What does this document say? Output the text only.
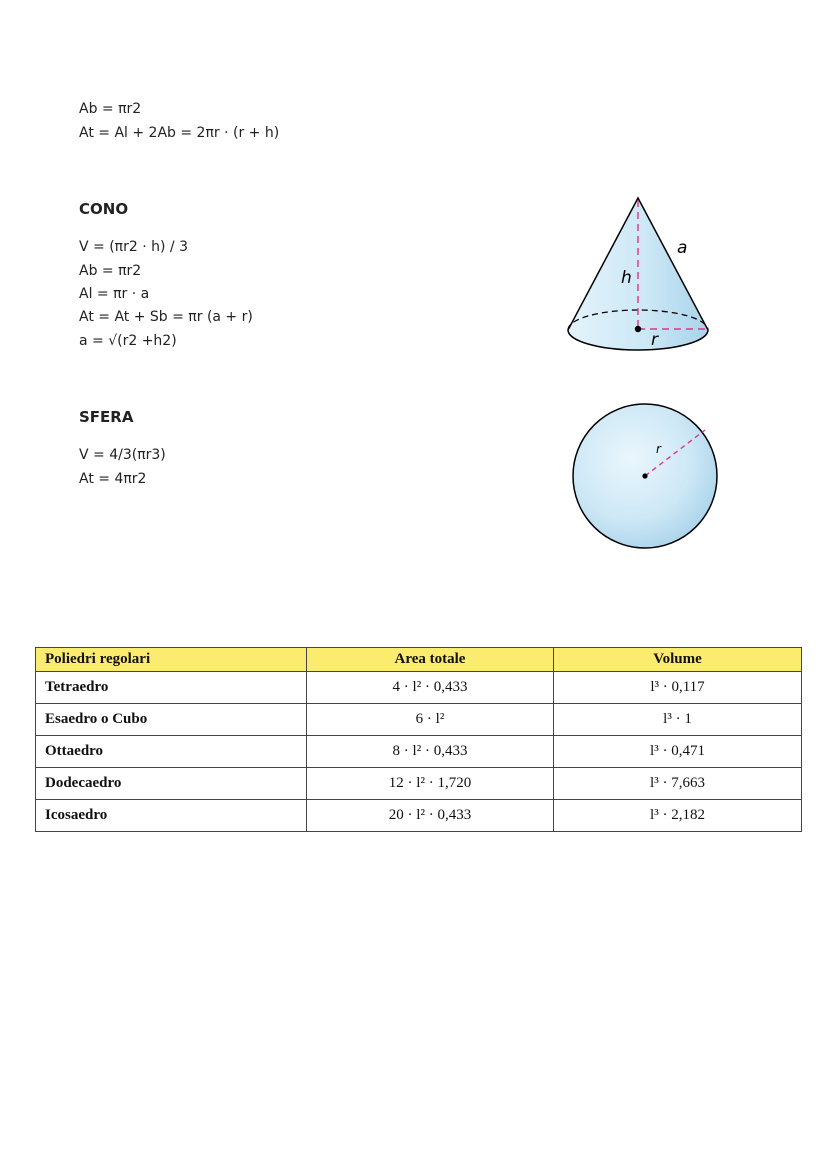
Ab = πr2
At = Al + 2Ab = 2πr · (r + h)
CONO
V = (πr2 · h) / 3
Ab = πr2
Al = πr · a
At = At + Sb = πr (a + r)
a = √(r2 +h2)
a
h
r
SFERA
V = 4/3(πr3)
At = 4πr2
r
Poliedri regolari	Area totale	Volume
Tetraedro	4 · l² · 0,433	l³ · 0,117
Esaedro o Cubo	6 · l²	l³ · 1
Ottaedro	8 · l² · 0,433	l³ · 0,471
Dodecaedro	12 · l² · 1,720	l³ · 7,663
Icosaedro	20 · l² · 0,433	l³ · 2,182
